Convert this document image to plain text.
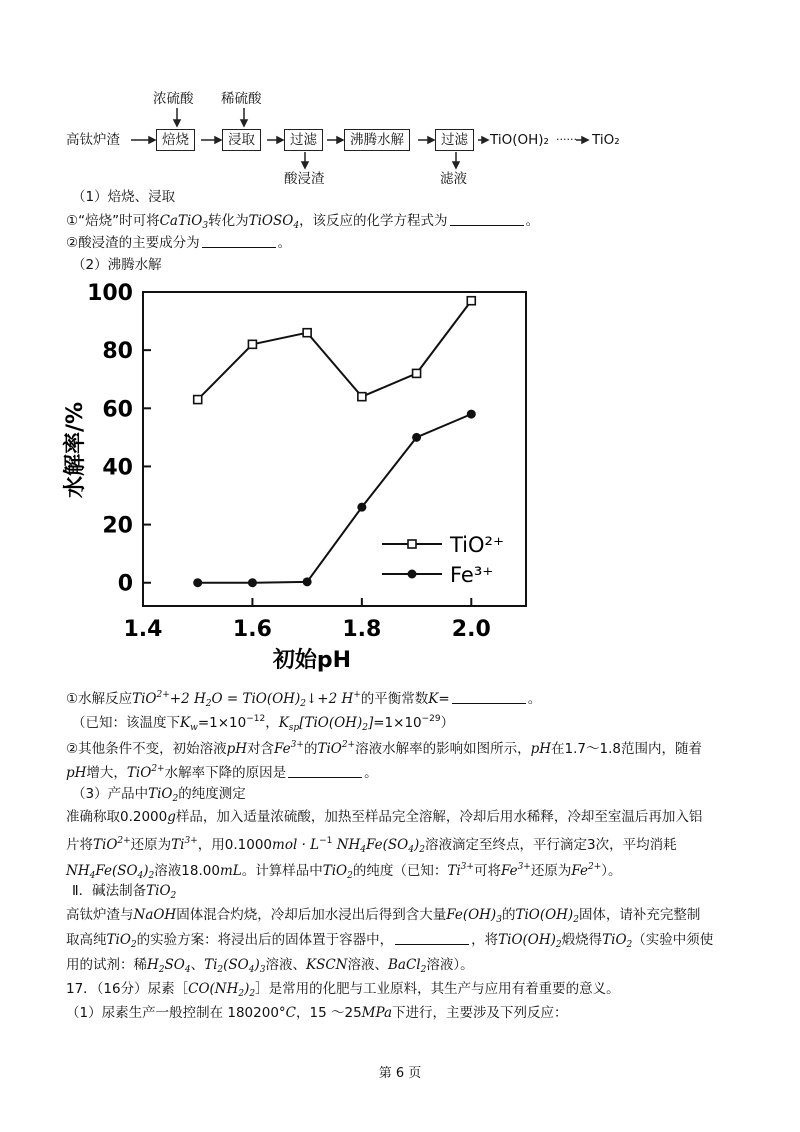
高钛炉渣
浓硫酸 稀硫酸
焙烧	浸取	过滤	沸腾水解	过滤
酸浸渣	滤液
TiO(OH)₂ ······ TiO₂
（1）焙烧、浸取
①“焙烧”时可将CaTiO$_3$转化为TiOSO$_4$，该反应的化学方程式为	。
②酸浸渣的主要成分为	。
（2）沸腾水解
0
20
40
60
80
100
1.4	1.6	1.8	2.0
TiO²⁺
Fe³⁺
初始pH
水解率/%
①水解反应TiO$^{2+}$+2 $H_2O$ = $TiO(OH)_2↓+2$ H+的平衡常数K=	。
（已知：该温度下$K_w=1\times 10^{-12}$，$K_{sp}[TiO(OH)_2]=1\times 10^{-29}$）
②其他条件不变，初始溶液pH对含$Fe^{3+}$的TiO$^{2+}$溶液水解率的影响如图所示，pH在1.7～1.8范围内，随着
pH增大，TiO$^{2+}$水解率下降的原因是	。
（3）产品中TiO$_2$的纯度测定
准确称取0.2000g样品，加入适量浓硫酸，加热至样品完全溶解，冷却后用水稀释，冷却至室温后再加入铝
片将TiO$^{2+}$还原为$Ti^{3+}$，用$0.1000mol \cdot L^{-1}$ $NH_4Fe(SO_4)_2$溶液滴定至终点，平行滴定3次，平均消耗
$NH_4Fe(SO_4)_2$溶液18.00mL。计算样品中TiO$_2$的纯度（已知：$Ti^{3+}$可将$Fe^{3+}$还原为$Fe^{2+}$）。
Ⅱ．碱法制备TiO$_2$
高钛炉渣与NaOH固体混合灼烧，冷却后加水浸出后得到含大量$Fe(OH)_3$的$TiO(OH)_2$固体，请补充完整制
取高纯TiO$_2$的实验方案：将浸出后的固体置于容器中，	，将$TiO(OH)_2$煅烧得TiO$_2$（实验中须使
用的试剂：稀$H_2SO_4$、$Ti_2(SO_4)_3$溶液、KSCN溶液、BaCl$_2$溶液）。
17．（16分）尿素$[CO(NH_2)_2]$是常用的化肥与工业原料，其生产与应用有着重要的意义。
（1）尿素生产一般控制在 180200°C，15 ～25MPa下进行，主要涉及下列反应：
第 6 页
